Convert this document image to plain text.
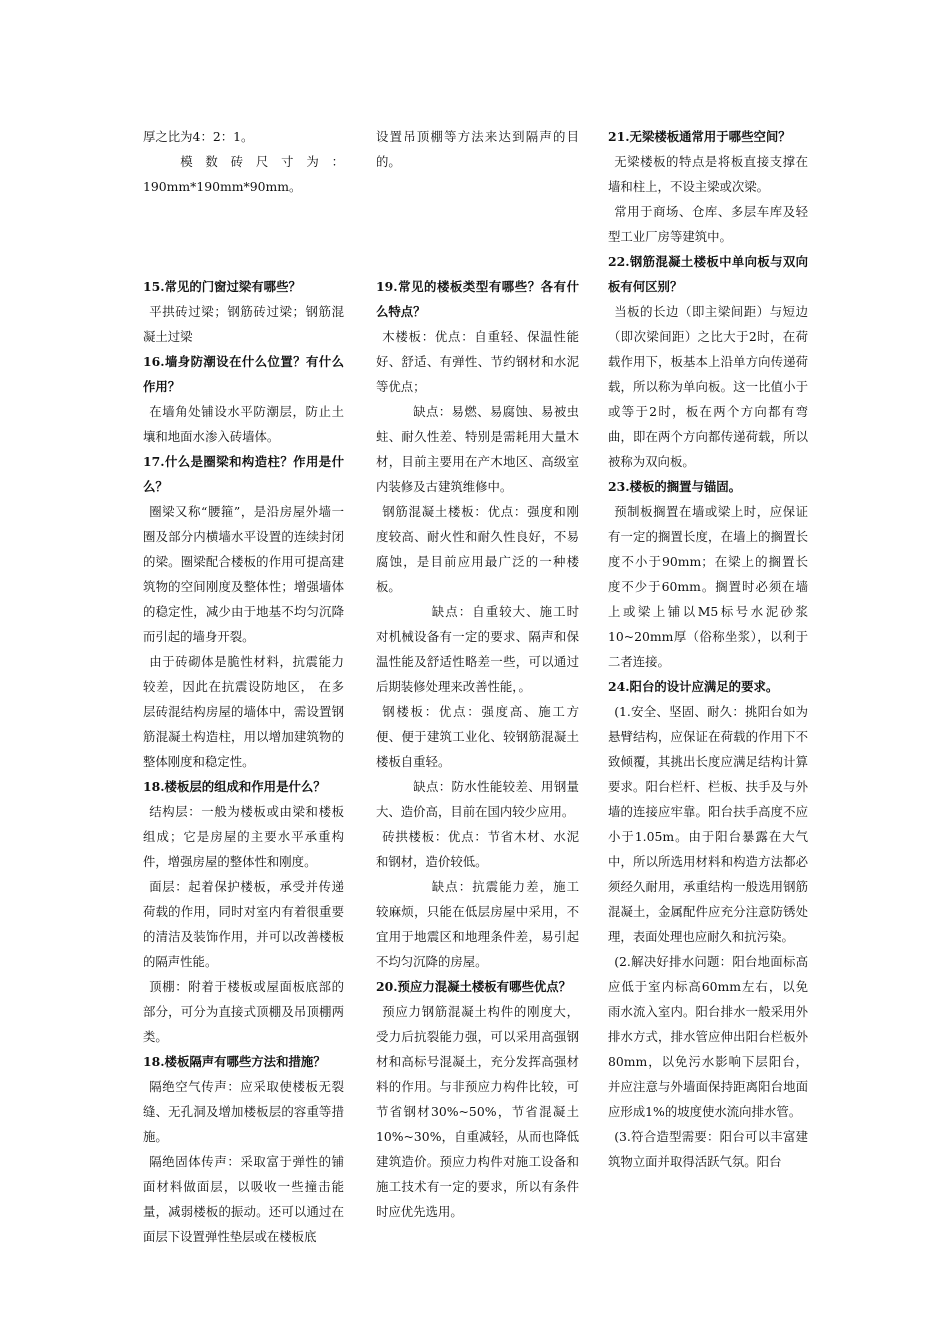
厚之比为4：2：1。

模 数 砖 尺 寸 为 ：

190mm*190mm*90mm。

15.常见的门窗过梁有哪些？

平拱砖过梁；钢筋砖过梁；钢筋混凝土过梁

16.墙身防潮设在什么位置？有什么作用？

在墙角处铺设水平防潮层，防止土壤和地面水渗入砖墙体。

17.什么是圈梁和构造柱？作用是什么？

圈梁又称“腰箍”，是沿房屋外墙一圈及部分内横墙水平设置的连续封闭的梁。圈梁配合楼板的作用可提高建筑物的空间刚度及整体性；增强墙体的稳定性，减少由于地基不均匀沉降而引起的墙身开裂。

由于砖砌体是脆性材料，抗震能力较差，因此在抗震设防地区， 在多层砖混结构房屋的墙体中，需设置钢筋混凝土构造柱，用以增加建筑物的整体刚度和稳定性。

18.楼板层的组成和作用是什么？

结构层：一般为楼板或由梁和楼板组成；它是房屋的主要水平承重构件，增强房屋的整体性和刚度。

面层：起着保护楼板，承受并传递荷载的作用，同时对室内有着很重要的清洁及装饰作用，并可以改善楼板的隔声性能。

顶棚：附着于楼板或屋面板底部的部分，可分为直接式顶棚及吊顶棚两类。

18.楼板隔声有哪些方法和措施？

隔绝空气传声：应采取使楼板无裂缝、无孔洞及增加楼板层的容重等措施。

隔绝固体传声：采取富于弹性的铺面材料做面层，以吸收一些撞击能量，减弱楼板的振动。还可以通过在面层下设置弹性垫层或在楼板底

设置吊顶棚等方法来达到隔声的目的。

19.常见的楼板类型有哪些？各有什么特点？

木楼板：优点：自重轻、保温性能好、舒适、有弹性、节约钢材和水泥等优点；

缺点：易燃、易腐蚀、易被虫蛀、耐久性差、特别是需耗用大量木材，目前主要用在产木地区、高级室内装修及古建筑维修中。

钢筋混凝土楼板：优点：强度和刚度较高、耐火性和耐久性良好，不易腐蚀，是目前应用最广泛的一种楼板。

缺点：自重较大、施工时对机械设备有一定的要求、隔声和保温性能及舒适性略差一些，可以通过后期装修处理来改善性能，。

钢楼板：优点：强度高、施工方便、便于建筑工业化、较钢筋混凝土楼板自重轻。

缺点：防水性能较差、用钢量大、造价高，目前在国内较少应用。

砖拱楼板：优点：节省木材、水泥和钢材，造价较低。

缺点：抗震能力差，施工较麻烦，只能在低层房屋中采用，不宜用于地震区和地理条件差，易引起不均匀沉降的房屋。

20.预应力混凝土楼板有哪些优点？

预应力钢筋混凝土构件的刚度大，受力后抗裂能力强，可以采用高强钢材和高标号混凝土，充分发挥高强材料的作用。与非预应力构件比较，可节省钢材30%~50%，节省混凝土10%~30%，自重减轻，从而也降低建筑造价。预应力构件对施工设备和施工技术有一定的要求，所以有条件时应优先选用。

21.无梁楼板通常用于哪些空间？

无梁楼板的特点是将板直接支撑在墙和柱上，不设主梁或次梁。

常用于商场、仓库、多层车库及轻型工业厂房等建筑中。

22.钢筋混凝土楼板中单向板与双向板有何区别？

当板的长边（即主梁间距）与短边（即次梁间距）之比大于2时，在荷载作用下，板基本上沿单方向传递荷载，所以称为单向板。这一比值小于或等于2时，板在两个方向都有弯曲，即在两个方向都传递荷载，所以被称为双向板。

23.楼板的搁置与锚固。

预制板搁置在墙或梁上时，应保证有一定的搁置长度，在墙上的搁置长度不小于90mm；在梁上的搁置长度不少于60mm。搁置时必须在墙上或梁上铺以M5标号水泥砂浆10~20mm厚（俗称坐浆），以利于二者连接。

24.阳台的设计应满足的要求。

(1.安全、坚固、耐久：挑阳台如为悬臂结构，应保证在荷载的作用下不致倾覆，其挑出长度应满足结构计算要求。阳台栏杆、栏板、扶手及与外墙的连接应牢靠。阳台扶手高度不应小于1.05m。由于阳台暴露在大气中，所以所选用材料和构造方法都必须经久耐用，承重结构一般选用钢筋混凝土，金属配件应充分注意防锈处理，表面处理也应耐久和抗污染。

(2.解决好排水问题：阳台地面标高应低于室内标高60mm左右，以免雨水流入室内。阳台排水一般采用外排水方式，排水管应伸出阳台栏板外80mm，以免污水影响下层阳台，并应注意与外墙面保持距离阳台地面应形成1%的坡度使水流向排水管。

(3.符合造型需要：阳台可以丰富建筑物立面并取得活跃气氛。阳台
